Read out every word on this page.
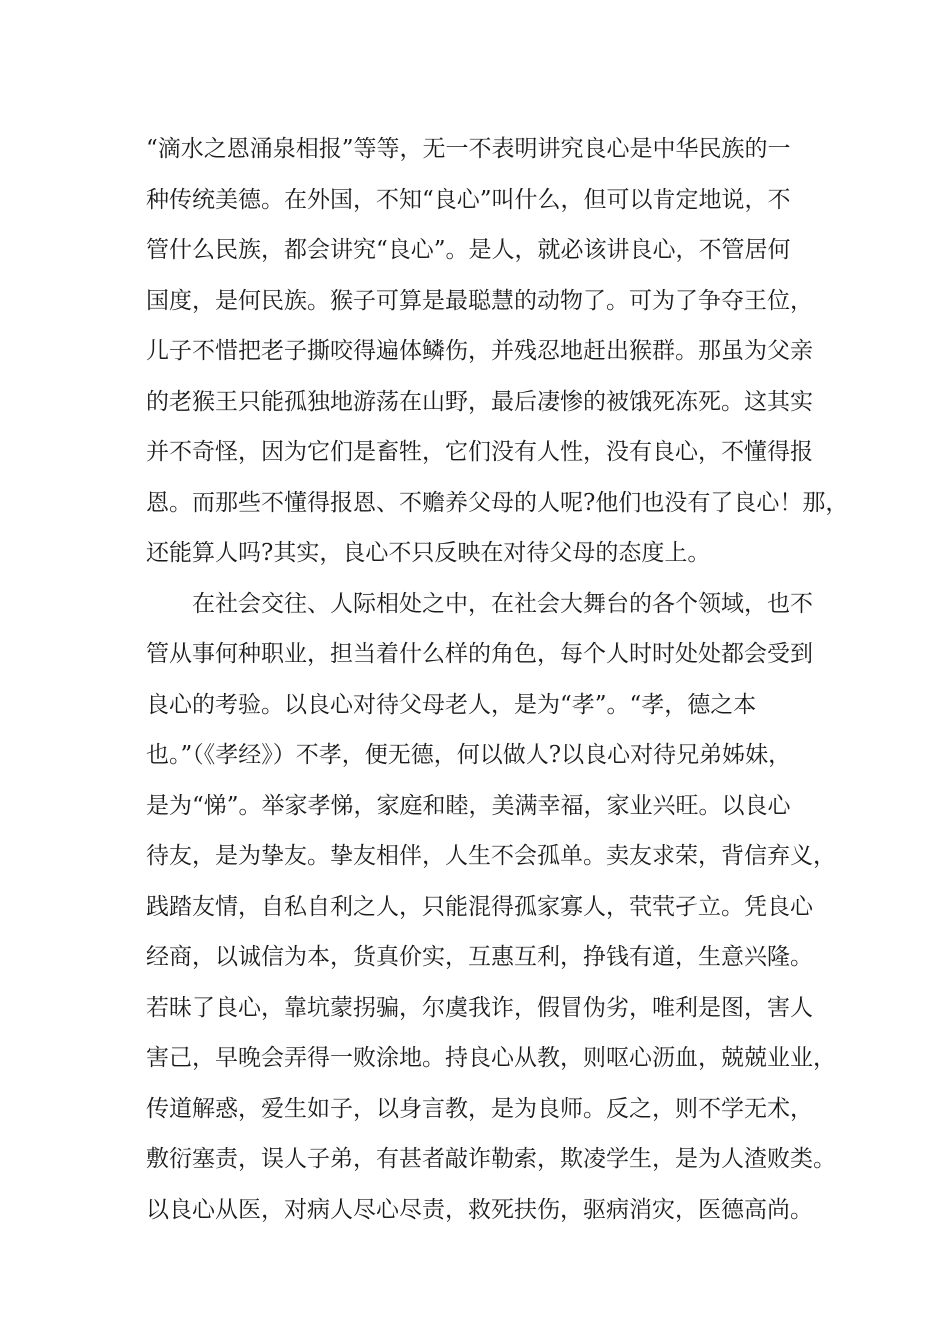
“滴水之恩涌泉相报”等等，无一不表明讲究良心是中华民族的一
种传统美德。在外国，不知“良心”叫什么，但可以肯定地说，不
管什么民族，都会讲究“良心”。是人，就必该讲良心，不管居何
国度，是何民族。猴子可算是最聪慧的动物了。可为了争夺王位，
儿子不惜把老子撕咬得遍体鳞伤，并残忍地赶出猴群。那虽为父亲
的老猴王只能孤独地游荡在山野，最后凄惨的被饿死冻死。这其实
并不奇怪，因为它们是畜牲，它们没有人性，没有良心，不懂得报
恩。而那些不懂得报恩、不赡养父母的人呢?他们也没有了良心！那，
还能算人吗?其实，良心不只反映在对待父母的态度上。
在社会交往、人际相处之中，在社会大舞台的各个领域，也不
管从事何种职业，担当着什么样的角色，每个人时时处处都会受到
良心的考验。以良心对待父母老人，是为“孝”。“孝，德之本
也。”（《孝经》）不孝，便无德，何以做人?以良心对待兄弟姊妹，
是为“悌”。举家孝悌，家庭和睦，美满幸福，家业兴旺。以良心
待友，是为挚友。挚友相伴，人生不会孤单。卖友求荣，背信弃义，
践踏友情，自私自利之人，只能混得孤家寡人，茕茕孑立。凭良心
经商，以诚信为本，货真价实，互惠互利，挣钱有道，生意兴隆。
若昧了良心，靠坑蒙拐骗，尔虞我诈，假冒伪劣，唯利是图，害人
害己，早晚会弄得一败涂地。持良心从教，则呕心沥血，兢兢业业，
传道解惑，爱生如子，以身言教，是为良师。反之，则不学无术，
敷衍塞责，误人子弟，有甚者敲诈勒索，欺凌学生，是为人渣败类。
以良心从医，对病人尽心尽责，救死扶伤，驱病消灾，医德高尚。
